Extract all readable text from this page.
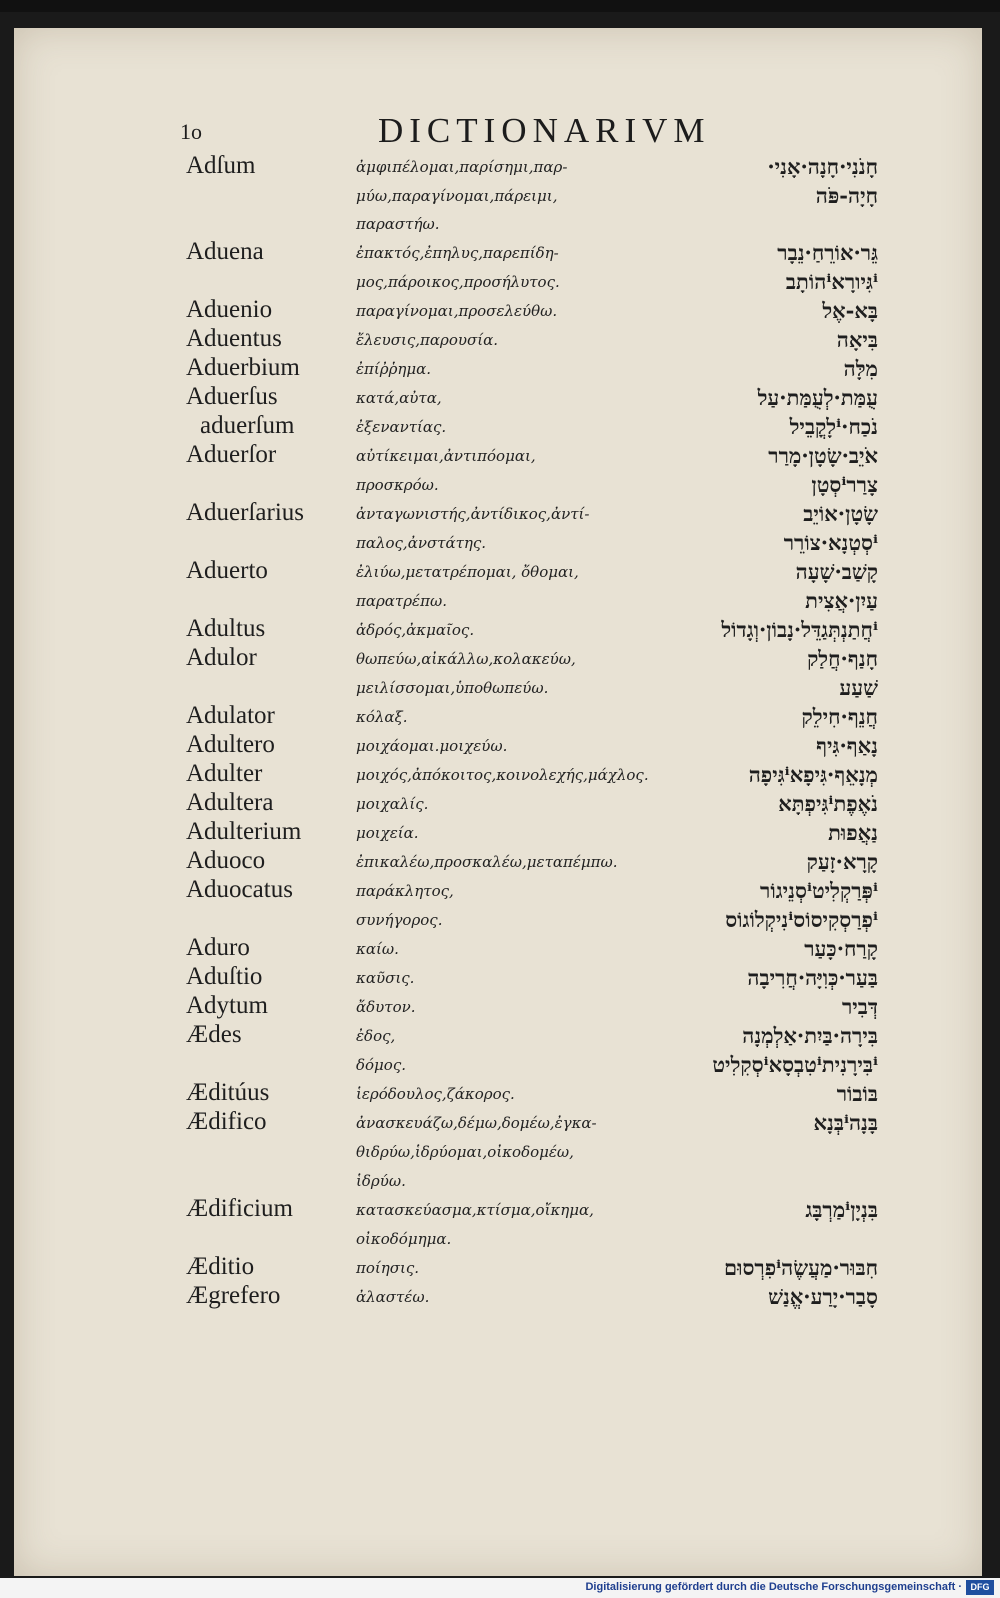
1o	DICTIONARIVM
Adſum	ἀμφιπέλομαι,παρίσημι,παρ-	חָנֹנִי·חָנָה·אָנִי·
μύω,παραγίνομαι,πάρειμι,	חָיָה-פֹּה
παραστήω.
Aduena	ἐπακτός,ἐπηλυς,παρεπίδη-	גֵּר·אוֹרֵחַ·נֵבָר
μος,πάροικος,προσήλυτος.	ⁱגִּיורָאⁱהוֹתָב
Aduenio	παραγίνομαι,προσελεύθω.	בָּא-אֶל
Aduentus	ἔλευσις,παρουσία.	בִּיאָה
Aduerbium	ἐπίῤῥημα.	מִלָּה
Aduerſus	κατά,αὐτα,	עֻמַּת·לְעֻמַּת·עַל
aduerſum	ἐξεναντίας.	נֹכַח·ⁱלָקֳבֵיל
Aduerſor	αὐτίκειμαι,ἀντιπόομαι,	אֹיֵב·שָׂטָן·מָרַר
προσκρόω.	צָרַרⁱסְטָן
Aduerſarius	ἀνταγωνιστής,ἀντίδικος,ἀντί-	שָׂטָן·אוֹיֵב
παλος,ἀνστάτης.	ⁱסְטְנָא·צוֹרֵר
Aduerto	ἐλιύω,μετατρέπομαι, ὄθομαι,	קָשַׁב·שָׁעָה
παρατρέπω.	עַיִן·אֲצִית
Adultus	ἁδρός,ἀκμαῖος.	ⁱחֲתַנְתְּגַדֵּל·נָבוֹן·וְגָדוֹל
Adulor	θωπεύω,αἰκάλλω,κολακεύω,	חָנַף·חֲלַק
μειλίσσομαι,ὑποθωπεύω.	שַׁעַע
Adulator	κόλαξ.	חֲנֵף·חִילֵק
Adultero	μοιχάομαι.μοιχεύω.	נָאַף·גִּיף
Adulter	μοιχός,ἀπόκοιτος,κοινολεχής,μάχλος.	מְנָאֵף·גִּיפָאⁱגִּיפָה
Adultera	μοιχαλίς.	נֹאֶפֶתⁱגִּיפְתָּא
Adulterium	μοιχεία.	נַאֲפוּת
Aduoco	ἐπικαλέω,προσκαλέω,μεταπέμπω.	קָרָא·זָעַק
Aduocatus	παράκλητος,	ⁱפְּרַקְלִיטⁱסְנֵיגוֹר
συνήγορος.	ⁱפְרַסְקִיסוֹסⁱנִיקְלוֹגוֹס
Aduro	καίω.	קָרַח·כָּעַר
Aduſtio	καῦσις.	בַּעַר·כְּוִיָּה·חֲרִיבָה
Adytum	ἄδυτον.	דְּבִיר
Ædes	ἐδος,	בִּירָה·בַּיִת·אַלְמְנָה
δόμος.	ⁱבִּירָנִיתⁱטִבְסָאⁱסְקִלִיט
Æditúus	ἱερόδουλος,ζάκορος.	בּוֹבוֹר
Ædifico	ἀνασκευάζω,δέμω,δομέω,ἐγκα-	בָּנָהⁱבְּנָא
θιδρύω,ἱδρύομαι,οἰκοδομέω,
ἱδρύω.
Ædificium	κατασκεύασμα,κτίσμα,οἴκημα,	בִּנְיָןⁱמַרְבָּג
οἰκοδόμημα.
Æditio	ποίησις.	חִבּוּר·מַעֲשֶׂהⁱפִרְסוּם
Ægrefero	ἀλαστέω.	סָבַר·יָרַע·אֱנַשׁ
Digitalisierung gefördert durch die Deutsche Forschungsgemeinschaft · DFG
